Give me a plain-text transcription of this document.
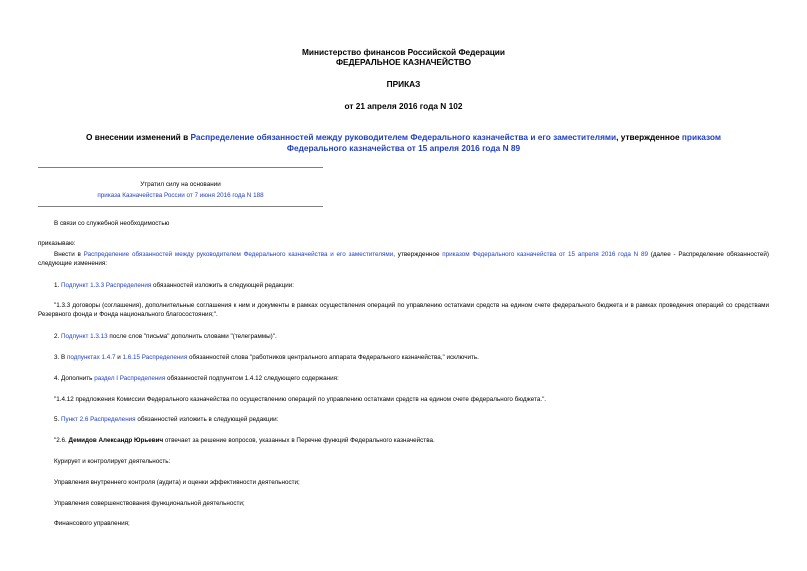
Министерство финансов Российской Федерации
ФЕДЕРАЛЬНОЕ КАЗНАЧЕЙСТВО
ПРИКАЗ
от 21 апреля 2016 года N 102
О внесении изменений в Распределение обязанностей между руководителем Федерального казначейства и его заместителями, утвержденное приказом Федерального казначейства от 15 апреля 2016 года N 89
Утратил силу на основании
приказа Казначейства России от 7 июня 2016 года N 188
В связи со служебной необходимостью
приказываю:
Внести в Распределение обязанностей между руководителем Федерального казначейства и его заместителями, утвержденное приказом Федерального казначейства от 15 апреля 2016 года N 89 (далее - Распределение обязанностей) следующие изменения:
1. Подпункт 1.3.3 Распределения обязанностей изложить в следующей редакции:
"1.3.3 договоры (соглашения), дополнительные соглашения к ним и документы в рамках осуществления операций по управлению остатками средств на едином счете федерального бюджета и в рамках проведения операций со средствами Резервного фонда и Фонда национального благосостояния;".
2. Подпункт 1.3.13 после слов "письма" дополнить словами "(телеграммы)".
3. В подпунктах 1.4.7 и 1.6.15 Распределения обязанностей слова "работников центрального аппарата Федерального казначейства," исключить.
4. Дополнить раздел I Распределения обязанностей подпунктом 1.4.12 следующего содержания:
"1.4.12 предложения Комиссии Федерального казначейства по осуществлению операций по управлению остатками средств на едином счете федерального бюджета.".
5. Пункт 2.6 Распределения обязанностей изложить в следующей редакции:
"2.6. Демидов Александр Юрьевич отвечает за решение вопросов, указанных в Перечне функций Федерального казначейства.
Курирует и контролирует деятельность:
Управления внутреннего контроля (аудита) и оценки эффективности деятельности;
Управления совершенствования функциональной деятельности;
Финансового управления;
